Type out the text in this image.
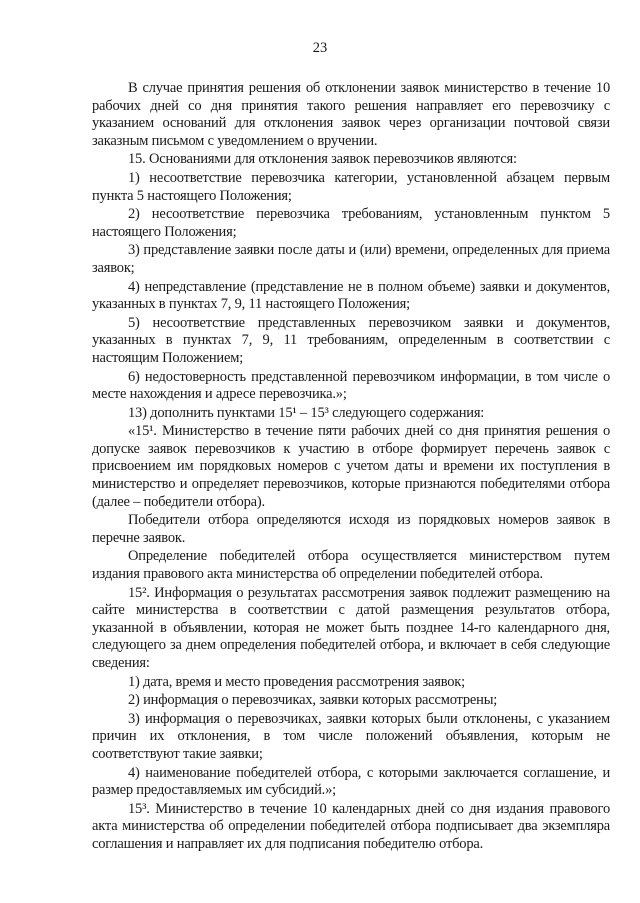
23

В случае принятия решения об отклонении заявок министерство в течение 10 рабочих дней со дня принятия такого решения направляет его перевозчику с указанием оснований для отклонения заявок через организации почтовой связи заказным письмом с уведомлением о вручении.

15. Основаниями для отклонения заявок перевозчиков являются:

1) несоответствие перевозчика категории, установленной абзацем первым пункта 5 настоящего Положения;

2) несоответствие перевозчика требованиям, установленным пунктом 5 настоящего Положения;

3) представление заявки после даты и (или) времени, определенных для приема заявок;

4) непредставление (представление не в полном объеме) заявки и документов, указанных в пунктах 7, 9, 11 настоящего Положения;

5) несоответствие представленных перевозчиком заявки и документов, указанных в пунктах 7, 9, 11 требованиям, определенным в соответствии с настоящим Положением;

6) недостоверность представленной перевозчиком информации, в том числе о месте нахождения и адресе перевозчика.»;

13) дополнить пунктами 15¹ – 15³ следующего содержания:

«15¹. Министерство в течение пяти рабочих дней со дня принятия решения о допуске заявок перевозчиков к участию в отборе формирует перечень заявок с присвоением им порядковых номеров с учетом даты и времени их поступления в министерство и определяет перевозчиков, которые признаются победителями отбора (далее – победители отбора).

Победители отбора определяются исходя из порядковых номеров заявок в перечне заявок.

Определение победителей отбора осуществляется министерством путем издания правового акта министерства об определении победителей отбора.

15². Информация о результатах рассмотрения заявок подлежит размещению на сайте министерства в соответствии с датой размещения результатов отбора, указанной в объявлении, которая не может быть позднее 14-го календарного дня, следующего за днем определения победителей отбора, и включает в себя следующие сведения:

1) дата, время и место проведения рассмотрения заявок;

2) информация о перевозчиках, заявки которых рассмотрены;

3) информация о перевозчиках, заявки которых были отклонены, с указанием причин их отклонения, в том числе положений объявления, которым не соответствуют такие заявки;

4) наименование победителей отбора, с которыми заключается соглашение, и размер предоставляемых им субсидий.»;

15³. Министерство в течение 10 календарных дней со дня издания правового акта министерства об определении победителей отбора подписывает два экземпляра соглашения и направляет их для подписания победителю отбора.
